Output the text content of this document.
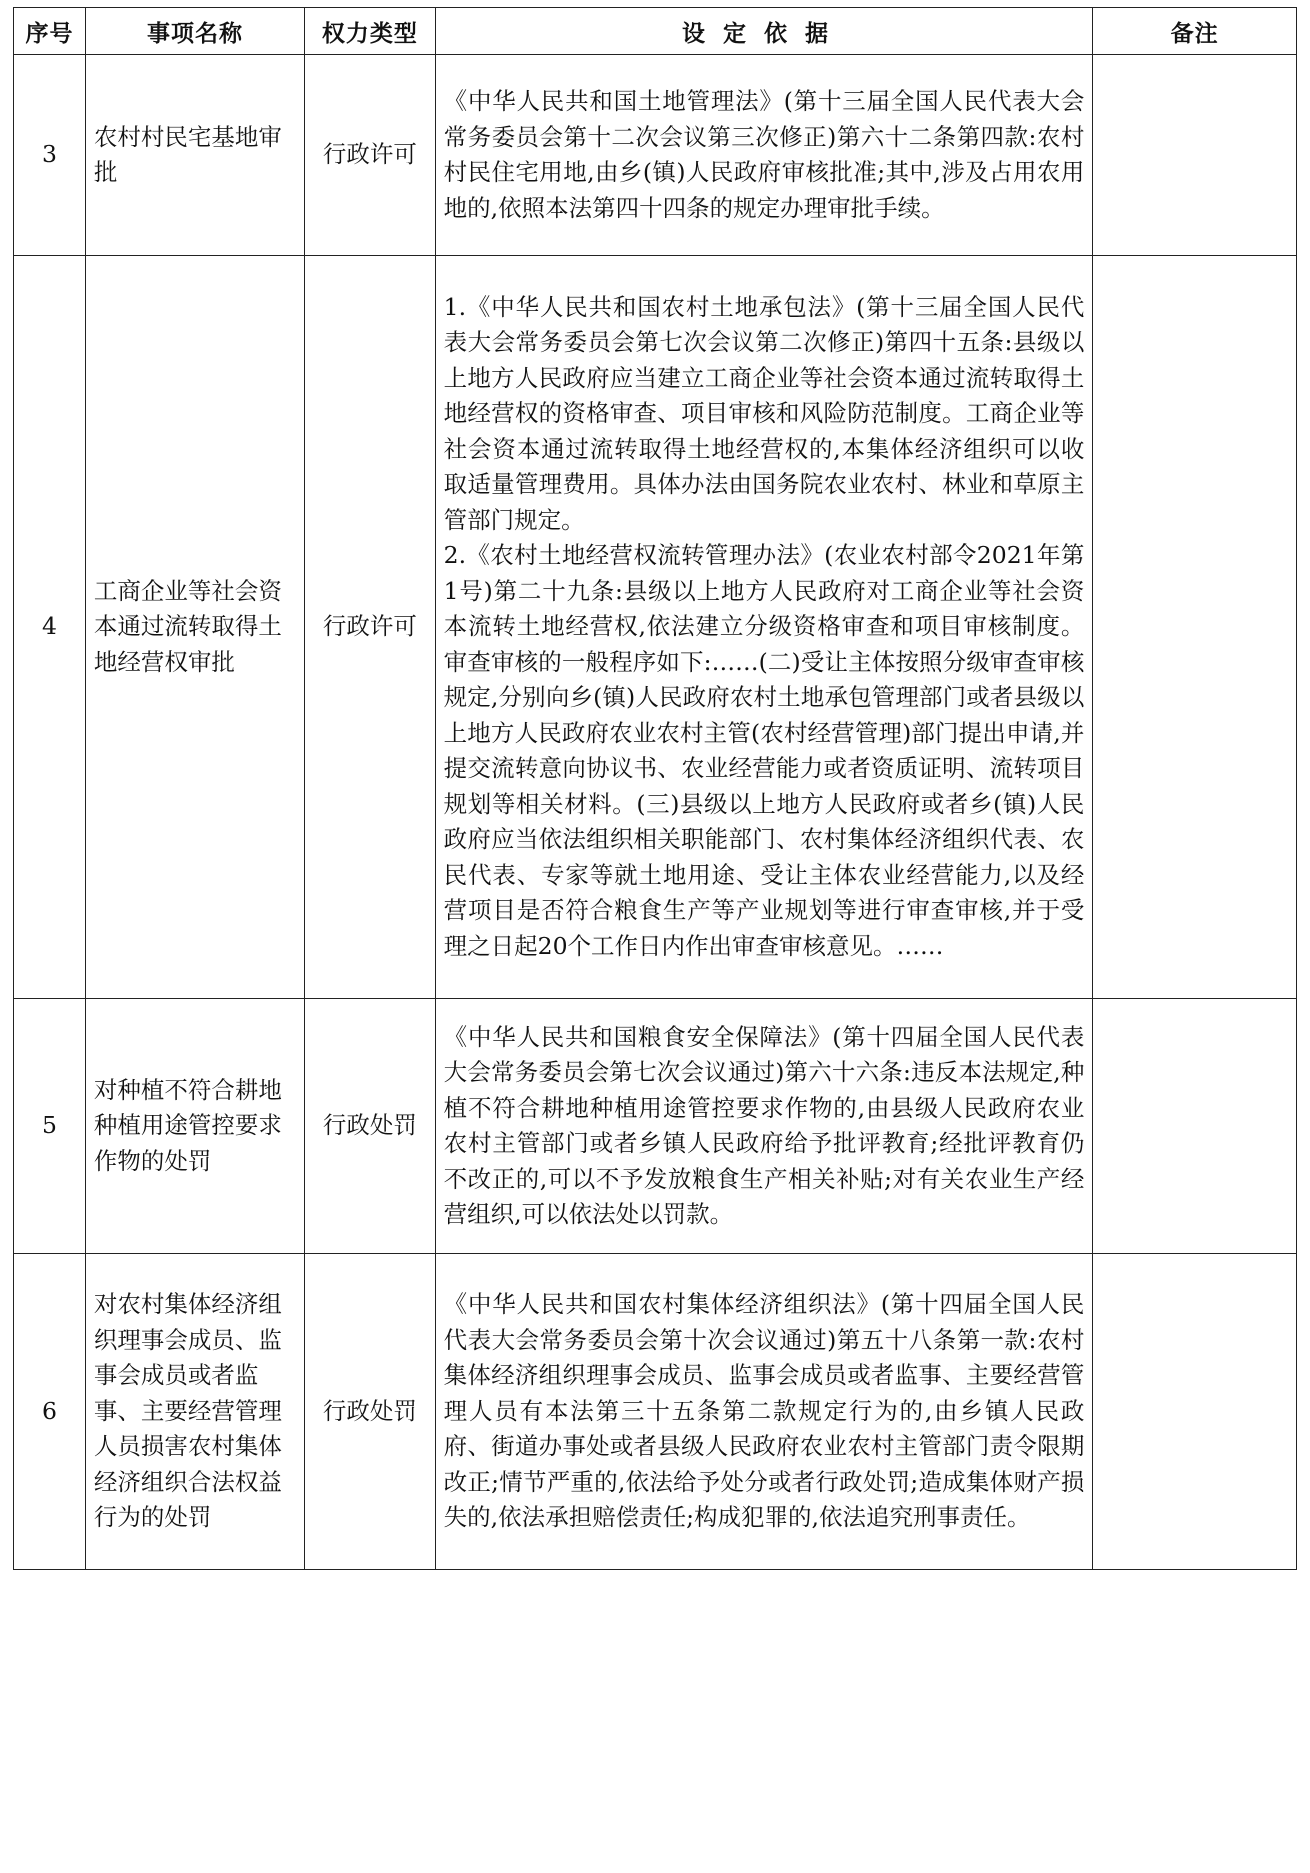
序号	事项名称	权力类型	设定依据	备注
3	农村村民宅基地审批	行政许可	《中华人民共和国土地管理法》(第十三届全国人民代表大会常务委员会第十二次会议第三次修正)第六十二条第四款:农村村民住宅用地,由乡(镇)人民政府审核批准;其中,涉及占用农用地的,依照本法第四十四条的规定办理审批手续。	

4	工商企业等社会资本通过流转取得土地经营权审批	行政许可	1.《中华人民共和国农村土地承包法》(第十三届全国人民代表大会常务委员会第七次会议第二次修正)第四十五条:县级以上地方人民政府应当建立工商企业等社会资本通过流转取得土地经营权的资格审查、项目审核和风险防范制度。工商企业等社会资本通过流转取得土地经营权的,本集体经济组织可以收取适量管理费用。具体办法由国务院农业农村、林业和草原主管部门规定。
2.《农村土地经营权流转管理办法》(农业农村部令2021年第1号)第二十九条:县级以上地方人民政府对工商企业等社会资本流转土地经营权,依法建立分级资格审查和项目审核制度。审查审核的一般程序如下:……(二)受让主体按照分级审查审核规定,分别向乡(镇)人民政府农村土地承包管理部门或者县级以上地方人民政府农业农村主管(农村经营管理)部门提出申请,并提交流转意向协议书、农业经营能力或者资质证明、流转项目规划等相关材料。(三)县级以上地方人民政府或者乡(镇)人民政府应当依法组织相关职能部门、农村集体经济组织代表、农民代表、专家等就土地用途、受让主体农业经营能力,以及经营项目是否符合粮食生产等产业规划等进行审查审核,并于受理之日起20个工作日内作出审查审核意见。……	

5	对种植不符合耕地种植用途管控要求作物的处罚	行政处罚	《中华人民共和国粮食安全保障法》(第十四届全国人民代表大会常务委员会第七次会议通过)第六十六条:违反本法规定,种植不符合耕地种植用途管控要求作物的,由县级人民政府农业农村主管部门或者乡镇人民政府给予批评教育;经批评教育仍不改正的,可以不予发放粮食生产相关补贴;对有关农业生产经营组织,可以依法处以罚款。	

6	对农村集体经济组织理事会成员、监事会成员或者监事、主要经营管理人员损害农村集体经济组织合法权益行为的处罚	行政处罚	《中华人民共和国农村集体经济组织法》(第十四届全国人民代表大会常务委员会第十次会议通过)第五十八条第一款:农村集体经济组织理事会成员、监事会成员或者监事、主要经营管理人员有本法第三十五条第二款规定行为的,由乡镇人民政府、街道办事处或者县级人民政府农业农村主管部门责令限期改正;情节严重的,依法给予处分或者行政处罚;造成集体财产损失的,依法承担赔偿责任;构成犯罪的,依法追究刑事责任。	
